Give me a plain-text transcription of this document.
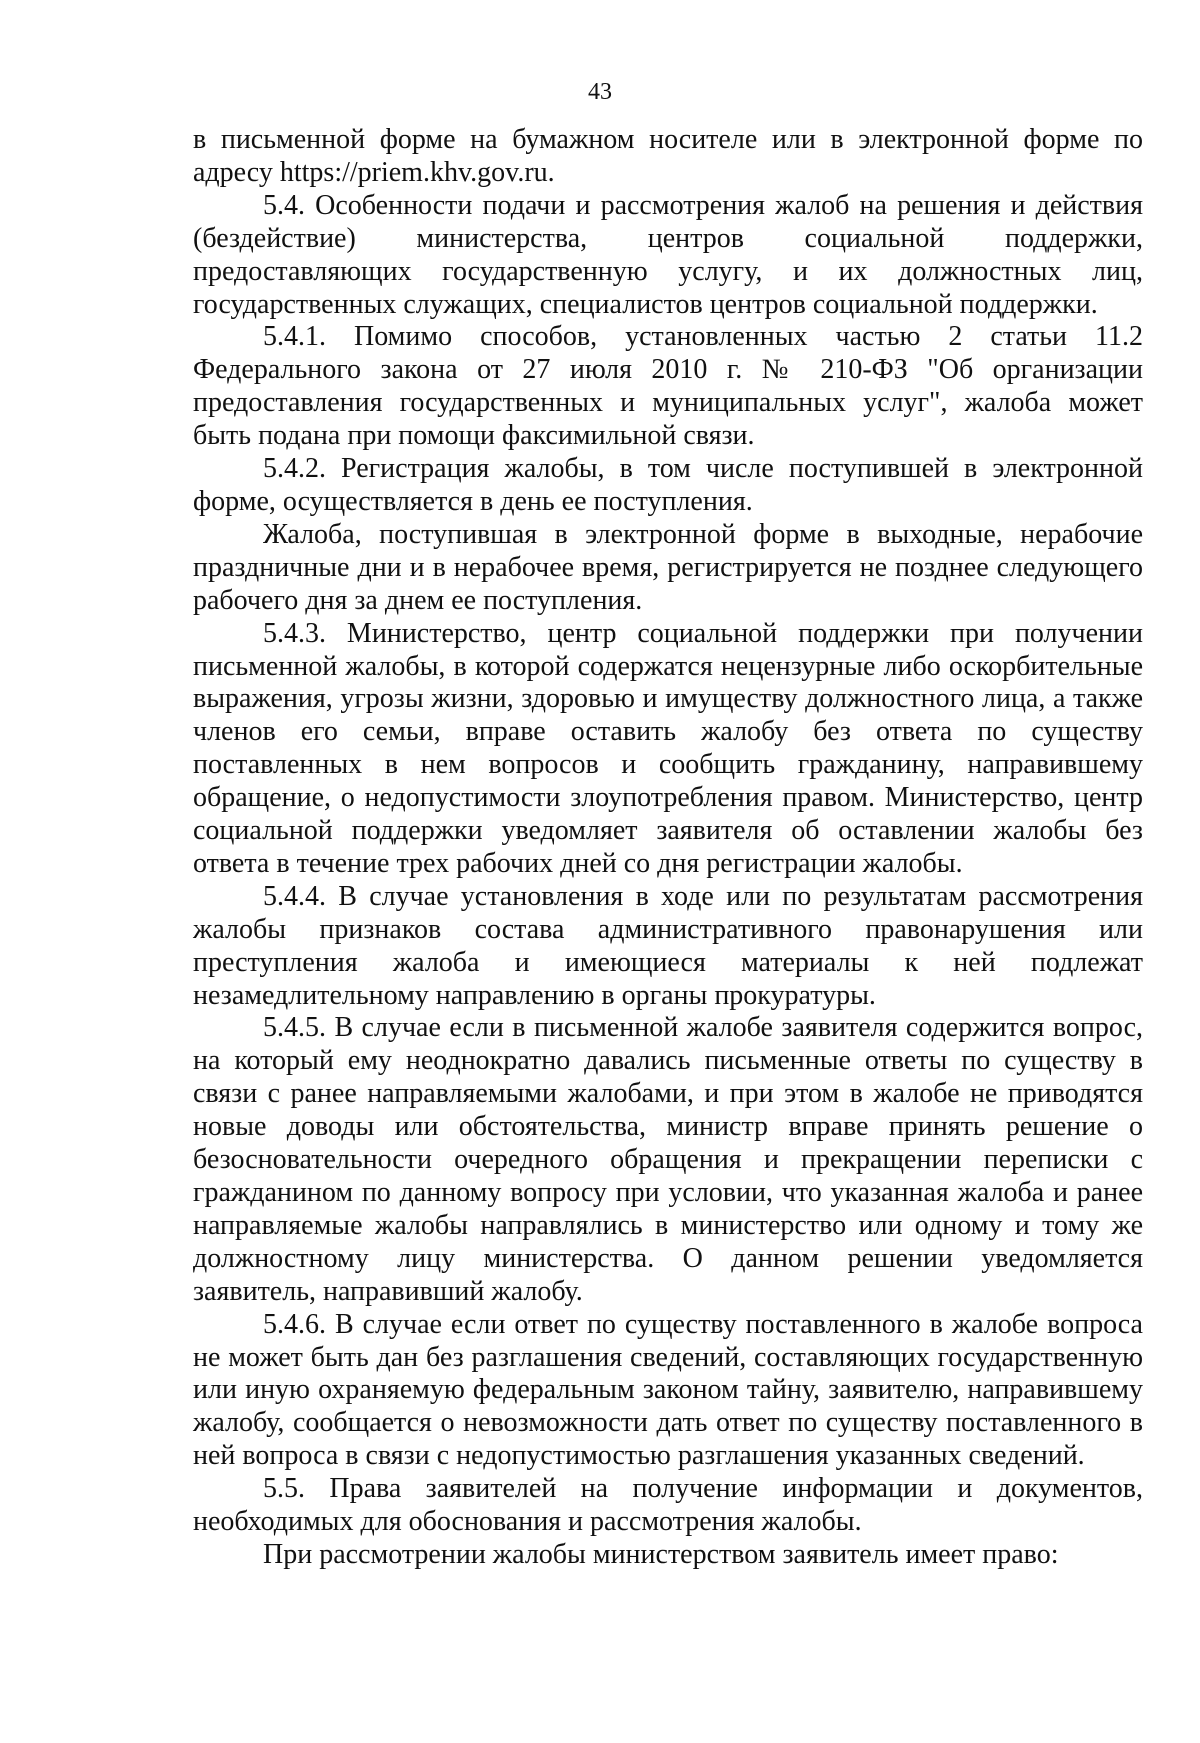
43

в письменной форме на бумажном носителе или в электронной форме по адресу https://priem.khv.gov.ru.

5.4. Особенности подачи и рассмотрения жалоб на решения и действия (бездействие) министерства, центров социальной поддержки, предоставляющих государственную услугу, и их должностных лиц, государственных служащих, специалистов центров социальной поддержки.

5.4.1. Помимо способов, установленных частью 2 статьи 11.2 Федерального закона от 27 июля 2010 г. № 210-ФЗ "Об организации предоставления государственных и муниципальных услуг", жалоба может быть подана при помощи факсимильной связи.

5.4.2. Регистрация жалобы, в том числе поступившей в электронной форме, осуществляется в день ее поступления.

Жалоба, поступившая в электронной форме в выходные, нерабочие праздничные дни и в нерабочее время, регистрируется не позднее следующего рабочего дня за днем ее поступления.

5.4.3. Министерство, центр социальной поддержки при получении письменной жалобы, в которой содержатся нецензурные либо оскорбительные выражения, угрозы жизни, здоровью и имуществу должностного лица, а также членов его семьи, вправе оставить жалобу без ответа по существу поставленных в нем вопросов и сообщить гражданину, направившему обращение, о недопустимости злоупотребления правом. Министерство, центр социальной поддержки уведомляет заявителя об оставлении жалобы без ответа в течение трех рабочих дней со дня регистрации жалобы.

5.4.4. В случае установления в ходе или по результатам рассмотрения жалобы признаков состава административного правонарушения или преступления жалоба и имеющиеся материалы к ней подлежат незамедлительному направлению в органы прокуратуры.

5.4.5. В случае если в письменной жалобе заявителя содержится вопрос, на который ему неоднократно давались письменные ответы по существу в связи с ранее направляемыми жалобами, и при этом в жалобе не приводятся новые доводы или обстоятельства, министр вправе принять решение о безосновательности очередного обращения и прекращении переписки с гражданином по данному вопросу при условии, что указанная жалоба и ранее направляемые жалобы направлялись в министерство или одному и тому же должностному лицу министерства. О данном решении уведомляется заявитель, направивший жалобу.

5.4.6. В случае если ответ по существу поставленного в жалобе вопроса не может быть дан без разглашения сведений, составляющих государственную или иную охраняемую федеральным законом тайну, заявителю, направившему жалобу, сообщается о невозможности дать ответ по существу поставленного в ней вопроса в связи с недопустимостью разглашения указанных сведений.

5.5. Права заявителей на получение информации и документов, необходимых для обоснования и рассмотрения жалобы.

При рассмотрении жалобы министерством заявитель имеет право:
